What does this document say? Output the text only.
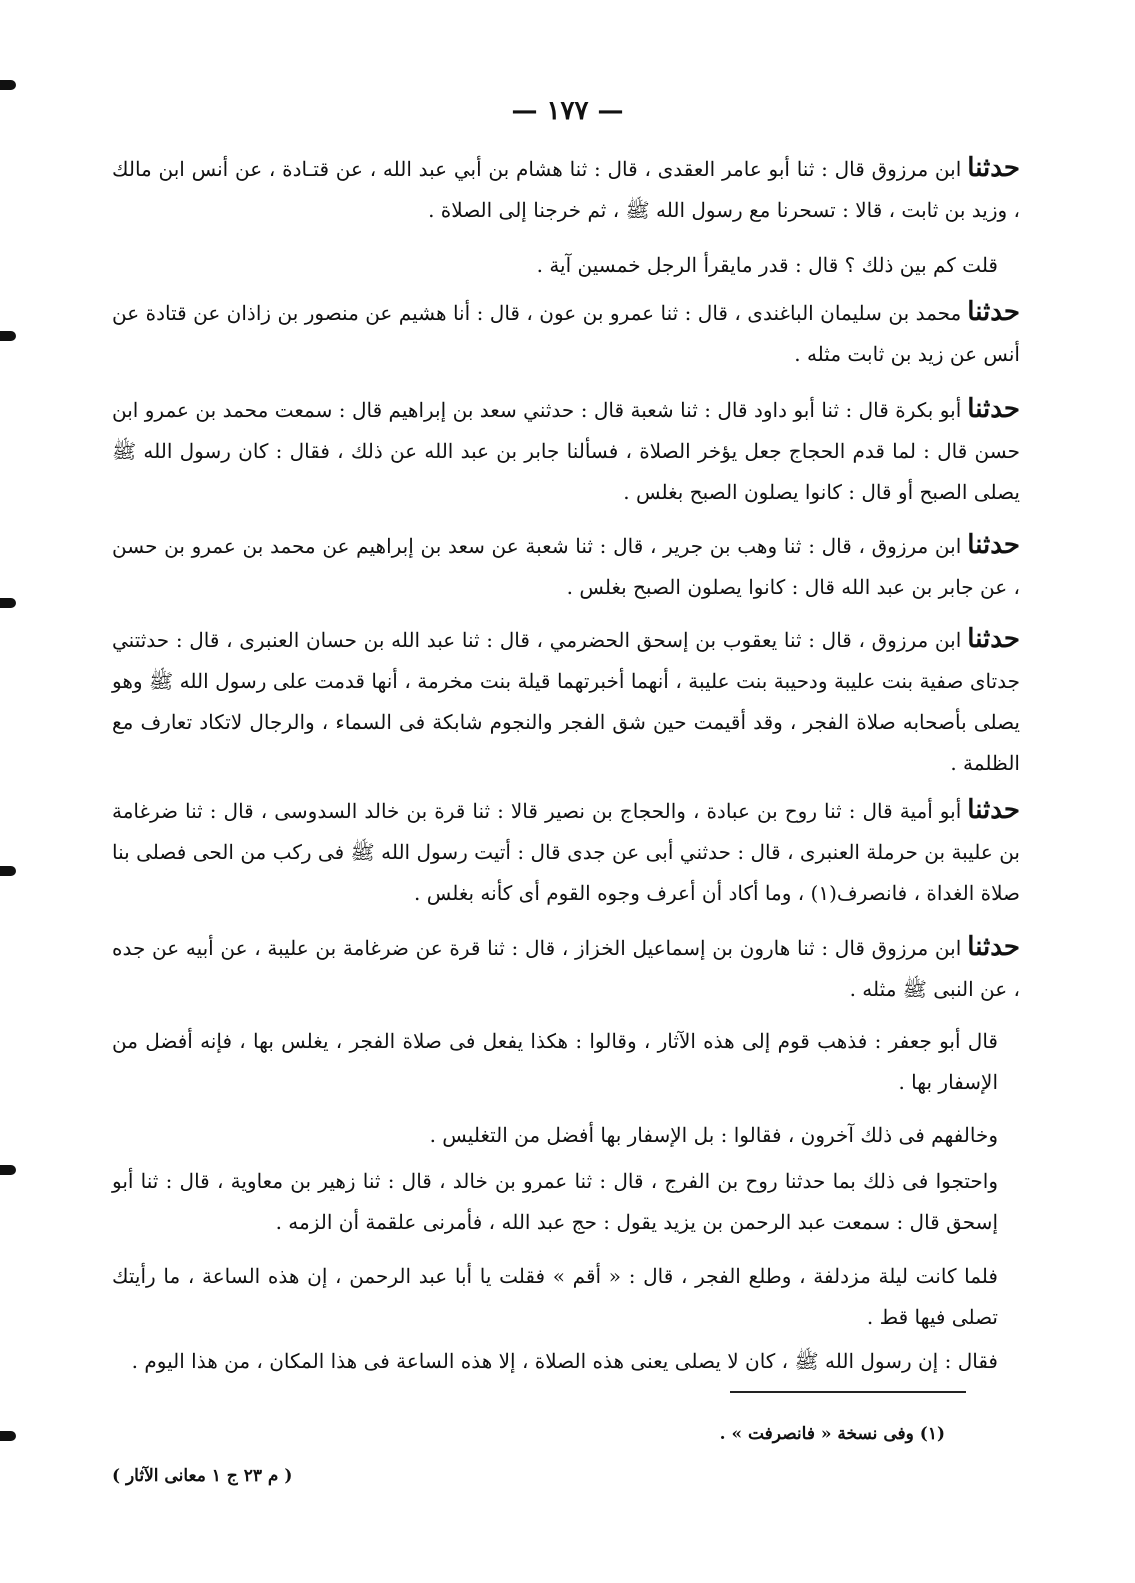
— ١٧٧ —
حدثناابن مرزوق قال : ثنا أبو عامر العقدى ، قال : ثنا هشام بن أبي عبد الله ، عن قتـادة ، عن أنس ابن مالك ، وزيد بن ثابت ، قالا : تسحرنا مع رسول الله ﷺ ، ثم خرجنا إلى الصلاة .
قلت كم بين ذلك ؟ قال : قدر مايقرأ الرجل خمسين آية .
حدثنامحمد بن سليمان الباغندى ، قال : ثنا عمرو بن عون ، قال : أنا هشيم عن منصور بن زاذان عن قتادة عن أنس عن زيد بن ثابت مثله .
حدثناأبو بكرة قال : ثنا أبو داود قال : ثنا شعبة قال : حدثني سعد بن إبراهيم قال : سمعت محمد بن عمرو ابن حسن قال : لما قدم الحجاج جعل يؤخر الصلاة ، فسألنا جابر بن عبد الله عن ذلك ، فقال : كان رسول الله ﷺ يصلى الصبح أو قال : كانوا يصلون الصبح بغلس .
حدثناابن مرزوق ، قال : ثنا وهب بن جرير ، قال : ثنا شعبة عن سعد بن إبراهيم عن محمد بن عمرو بن حسن ، عن جابر بن عبد الله قال : كانوا يصلون الصبح بغلس .
حدثناابن مرزوق ، قال : ثنا يعقوب بن إسحق الحضرمي ، قال : ثنا عبد الله بن حسان العنبرى ، قال : حدثتني جدتاى صفية بنت عليبة ودحيبة بنت عليبة ، أنهما أخبرتهما قيلة بنت مخرمة ، أنها قدمت على رسول الله ﷺ وهو يصلى بأصحابه صلاة الفجر ، وقد أقيمت حين شق الفجر والنجوم شابكة فى السماء ، والرجال لاتكاد تعارف مع الظلمة .
حدثناأبو أمية قال : ثنا روح بن عبادة ، والحجاج بن نصير قالا : ثنا قرة بن خالد السدوسى ، قال : ثنا ضرغامة بن عليبة بن حرملة العنبرى ، قال : حدثني أبى عن جدى قال : أتيت رسول الله ﷺ فى ركب من الحى فصلى بنا صلاة الغداة ، فانصرف(١) ، وما أكاد أن أعرف وجوه القوم أى كأنه بغلس .
حدثناابن مرزوق قال : ثنا هارون بن إسماعيل الخزاز ، قال : ثنا قرة عن ضرغامة بن عليبة ، عن أبيه عن جده ، عن النبى ﷺ مثله .
قال أبو جعفر : فذهب قوم إلى هذه الآثار ، وقالوا : هكذا يفعل فى صلاة الفجر ، يغلس بها ، فإنه أفضل من الإسفار بها .
وخالفهم فى ذلك آخرون ، فقالوا : بل الإسفار بها أفضل من التغليس .
واحتجوا فى ذلك بما حدثنا روح بن الفرج ، قال : ثنا عمرو بن خالد ، قال : ثنا زهير بن معاوية ، قال : ثنا أبو إسحق قال : سمعت عبد الرحمن بن يزيد يقول : حج عبد الله ، فأمرنى علقمة أن الزمه .
فلما كانت ليلة مزدلفة ، وطلع الفجر ، قال : « أقم » فقلت يا أبا عبد الرحمن ، إن هذه الساعة ، ما رأيتك تصلى فيها قط .
فقال : إن رسول الله ﷺ ، كان لا يصلى يعنى هذه الصلاة ، إلا هذه الساعة فى هذا المكان ، من هذا اليوم .
(١) وفى نسخة « فانصرفت » .
( م ٢٣ ج ١ معانى الآثار )
